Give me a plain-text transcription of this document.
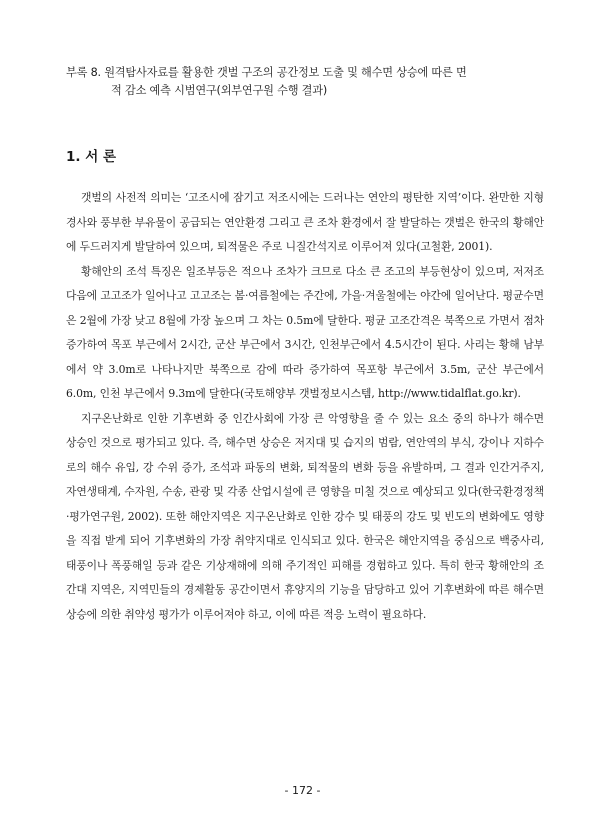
부록 8. 원격탐사자료를 활용한 갯벌 구조의 공간정보 도출 및 해수면 상승에 따른 면
적 감소 예측 시범연구(외부연구원 수행 결과)
1. 서 론

갯벌의 사전적 의미는 ‘고조시에 잠기고 저조시에는 드러나는 연안의 평탄한 지역’이다. 완만한 지형경사와 풍부한 부유물이 공급되는 연안환경 그리고 큰 조차 환경에서 잘 발달하는 갯벌은 한국의 황해안에 두드러지게 발달하여 있으며, 퇴적물은 주로 니질간석지로 이루어져 있다(고철환, 2001).

황해안의 조석 특징은 일조부등은 적으나 조차가 크므로 다소 큰 조고의 부등현상이 있으며, 저저조 다음에 고고조가 일어나고 고고조는 봄·여름철에는 주간에, 가을·겨울철에는 야간에 일어난다. 평균수면은 2월에 가장 낮고 8월에 가장 높으며 그 차는 0.5m에 달한다. 평균 고조간격은 북쪽으로 가면서 점차 증가하여 목포 부근에서 2시간, 군산 부근에서 3시간, 인천부근에서 4.5시간이 된다. 사리는 황해 남부에서 약 3.0m로 나타나지만 북쪽으로 감에 따라 증가하여 목포항 부근에서 3.5m, 군산 부근에서 6.0m, 인천 부근에서 9.3m에 달한다(국토해양부 갯벌정보시스템, http://www.tidalflat.go.kr).

지구온난화로 인한 기후변화 중 인간사회에 가장 큰 악영향을 줄 수 있는 요소 중의 하나가 해수면 상승인 것으로 평가되고 있다. 즉, 해수면 상승은 저지대 및 습지의 범람, 연안역의 부식, 강이나 지하수로의 해수 유입, 강 수위 증가, 조석과 파동의 변화, 퇴적물의 변화 등을 유발하며, 그 결과 인간거주지, 자연생태계, 수자원, 수송, 관광 및 각종 산업시설에 큰 영향을 미칠 것으로 예상되고 있다(한국환경정책·평가연구원, 2002). 또한 해안지역은 지구온난화로 인한 강수 및 태풍의 강도 및 빈도의 변화에도 영향을 직접 받게 되어 기후변화의 가장 취약지대로 인식되고 있다. 한국은 해안지역을 중심으로 백중사리, 태풍이나 폭풍해일 등과 같은 기상재해에 의해 주기적인 피해를 경험하고 있다. 특히 한국 황해안의 조간대 지역은, 지역민들의 경제활동 공간이면서 휴양지의 기능을 담당하고 있어 기후변화에 따른 해수면 상승에 의한 취약성 평가가 이루어져야 하고, 이에 따른 적응 노력이 필요하다.

- 172 -
